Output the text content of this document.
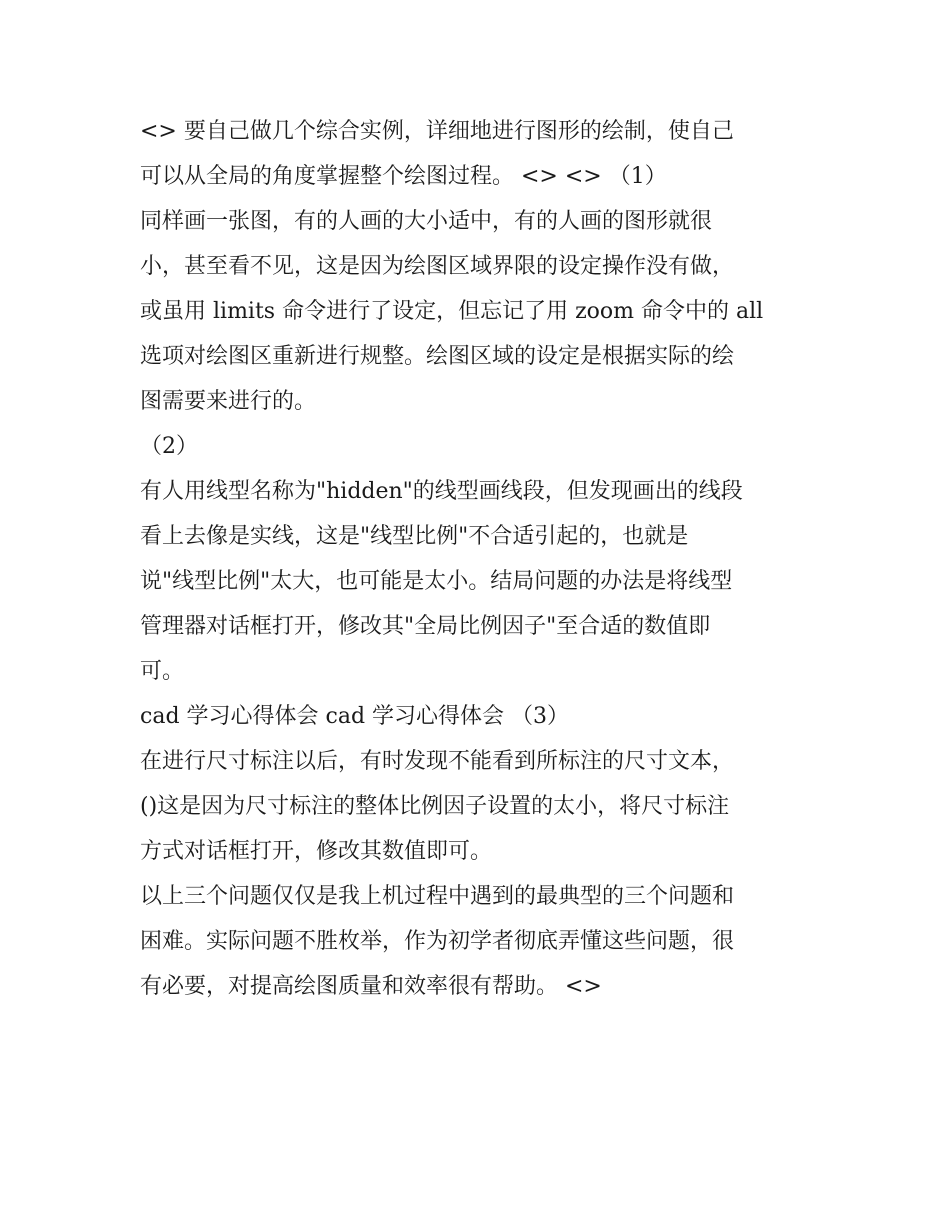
<> 要自己做几个综合实例，详细地进行图形的绘制，使自己
可以从全局的角度掌握整个绘图过程。 <> <> （1）
同样画一张图，有的人画的大小适中，有的人画的图形就很
小，甚至看不见，这是因为绘图区域界限的设定操作没有做，
或虽用 limits 命令进行了设定，但忘记了用 zoom 命令中的 all
选项对绘图区重新进行规整。绘图区域的设定是根据实际的绘
图需要来进行的。
（2）
有人用线型名称为"hidden"的线型画线段，但发现画出的线段
看上去像是实线，这是"线型比例"不合适引起的，也就是
说"线型比例"太大，也可能是太小。结局问题的办法是将线型
管理器对话框打开，修改其"全局比例因子"至合适的数值即
可。
cad 学习心得体会 cad 学习心得体会 （3）
在进行尺寸标注以后，有时发现不能看到所标注的尺寸文本，
()这是因为尺寸标注的整体比例因子设置的太小，将尺寸标注
方式对话框打开，修改其数值即可。
以上三个问题仅仅是我上机过程中遇到的最典型的三个问题和
困难。实际问题不胜枚举，作为初学者彻底弄懂这些问题，很
有必要，对提高绘图质量和效率很有帮助。 <>
